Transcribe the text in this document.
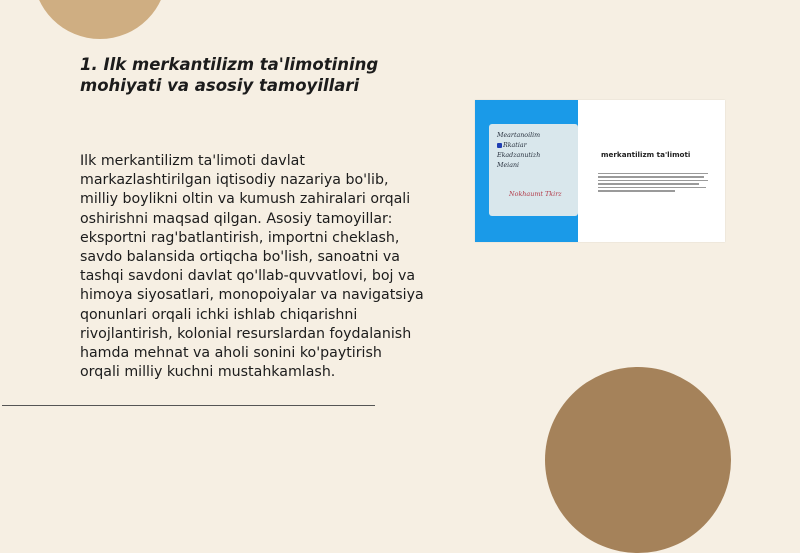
1. Ilk merkantilizm ta'limotining mohiyati va asosiy tamoyillari
Ilk merkantilizm ta'limoti davlat markazlashtirilgan iqtisodiy nazariya bo'lib, milliy boylikni oltin va kumush zahiralari orqali oshirishni maqsad qilgan. Asosiy tamoyillar: eksportni rag'batlantirish, importni cheklash, savdo balansida ortiqcha bo'lish, sanoatni va tashqi savdoni davlat qo'llab-quvvatlovi, boj va himoya siyosatlari, monopoiyalar va navigatsiya qonunlari orqali ichki ishlab chiqarishni rivojlantirish, kolonial resurslardan foydalanish hamda mehnat va aholi sonini ko'paytirish orqali milliy kuchni mustahkamlash.
Meartanoilim
Rkatiar
Ekadzanutizh
Meiani
Nokhaumt Tkirz
merkantilizm ta'limoti
